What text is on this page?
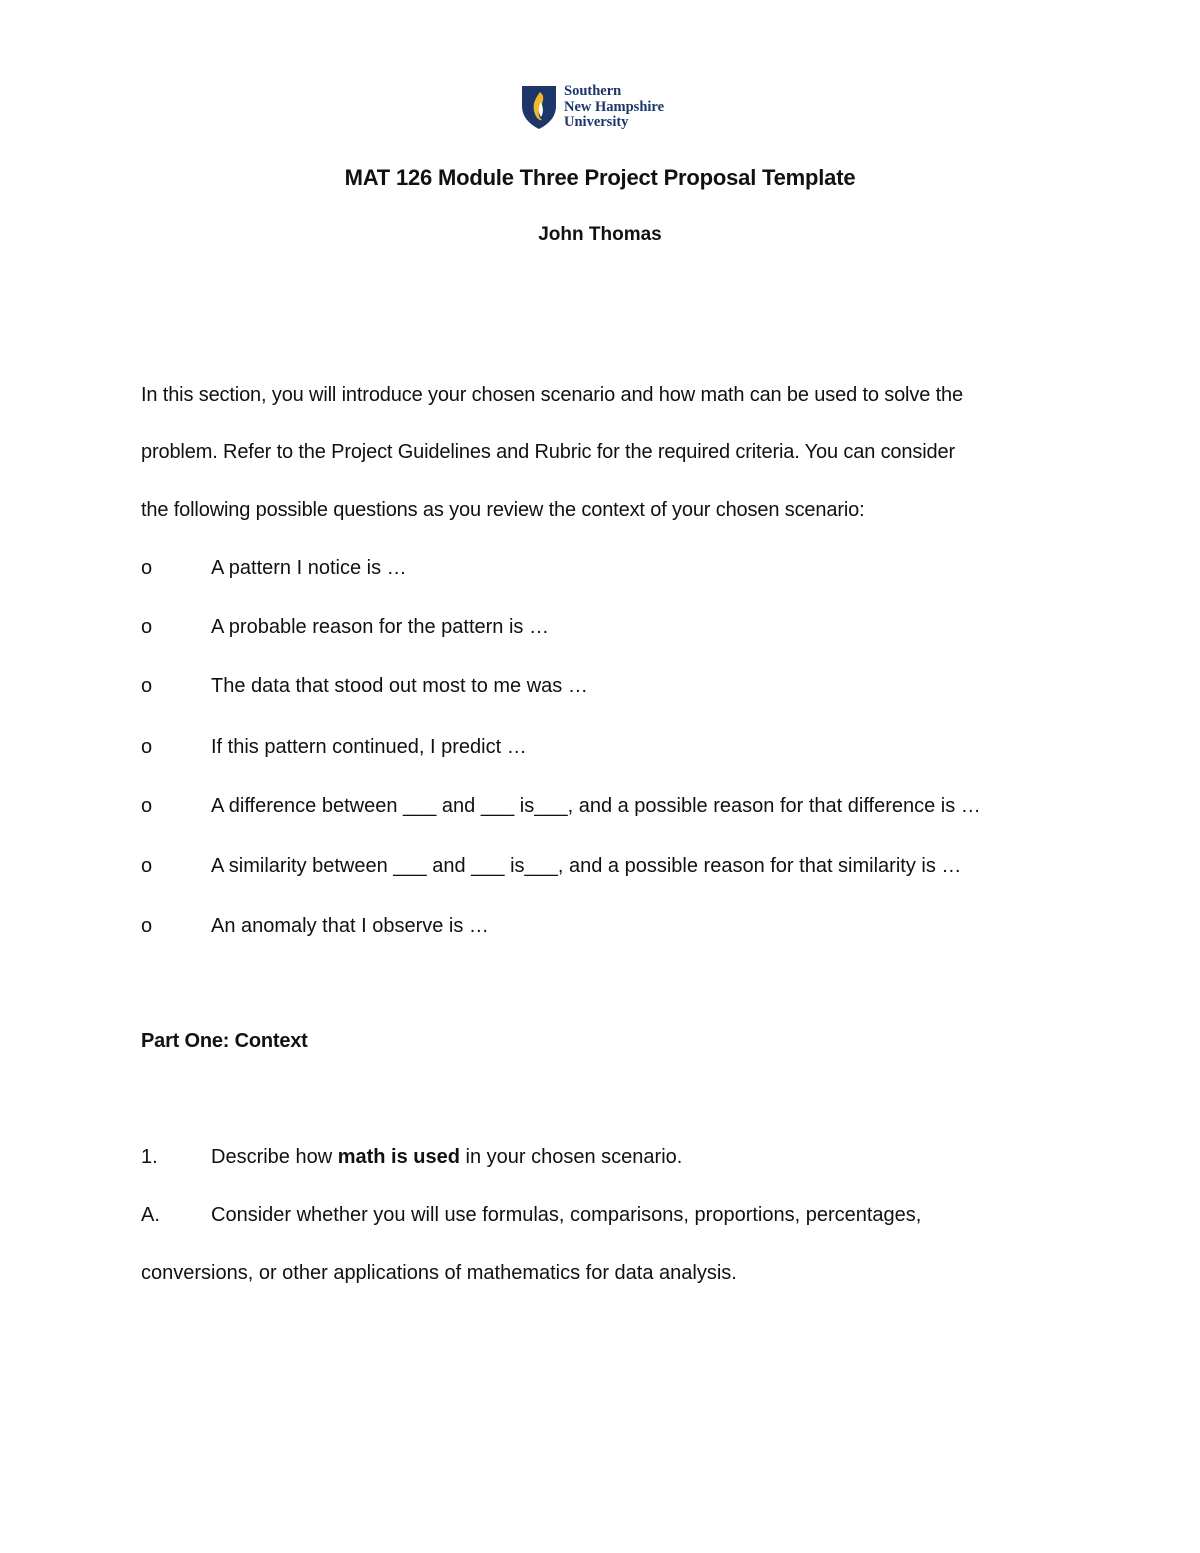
Southern
New Hampshire
University
MAT 126 Module Three Project Proposal Template
John Thomas
In this section, you will introduce your chosen scenario and how math can be used to solve the
problem. Refer to the Project Guidelines and Rubric for the required criteria. You can consider
the following possible questions as you review the context of your chosen scenario:
o	A pattern I notice is …
o	A probable reason for the pattern is …
o	The data that stood out most to me was …
o	If this pattern continued, I predict …
o	A difference between ___ and ___ is___, and a possible reason for that difference is …
o	A similarity between ___ and ___ is___, and a possible reason for that similarity is …
o	An anomaly that I observe is …
Part One: Context
1.	Describe how math is used in your chosen scenario.
A.	Consider whether you will use formulas, comparisons, proportions, percentages,
conversions, or other applications of mathematics for data analysis.
